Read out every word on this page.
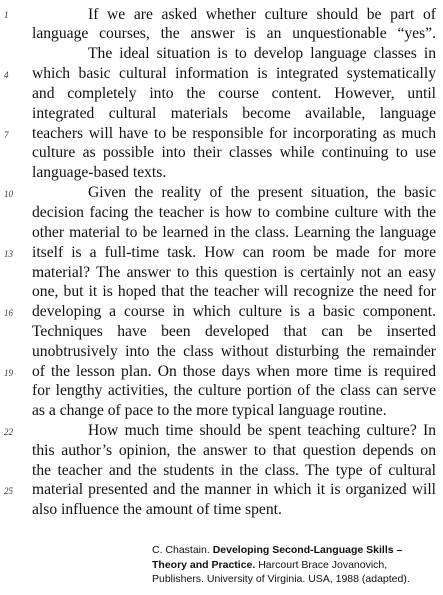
If we are asked whether culture should be part of
language courses, the answer is an unquestionable “yes”.
The ideal situation is to develop language classes in
which basic cultural information is integrated systematically
and completely into the course content. However, until
integrated cultural materials become available, language
teachers will have to be responsible for incorporating as much
culture as possible into their classes while continuing to use
language-based texts.
Given the reality of the present situation, the basic
decision facing the teacher is how to combine culture with the
other material to be learned in the class. Learning the language
itself is a full-time task. How can room be made for more
material? The answer to this question is certainly not an easy
one, but it is hoped that the teacher will recognize the need for
developing a course in which culture is a basic component.
Techniques have been developed that can be inserted
unobtrusively into the class without disturbing the remainder
of the lesson plan. On those days when more time is required
for lengthy activities, the culture portion of the class can serve
as a change of pace to the more typical language routine.
How much time should be spent teaching culture? In
this author’s opinion, the answer to that question depends on
the teacher and the students in the class. The type of cultural
material presented and the manner in which it is organized will
also influence the amount of time spent.
1
4
7
10
13
16
19
22
25
C. Chastain. Developing Second-Language Skills –
Theory and Practice. Harcourt Brace Jovanovich,
Publishers. University of Virginia. USA, 1988 (adapted).
